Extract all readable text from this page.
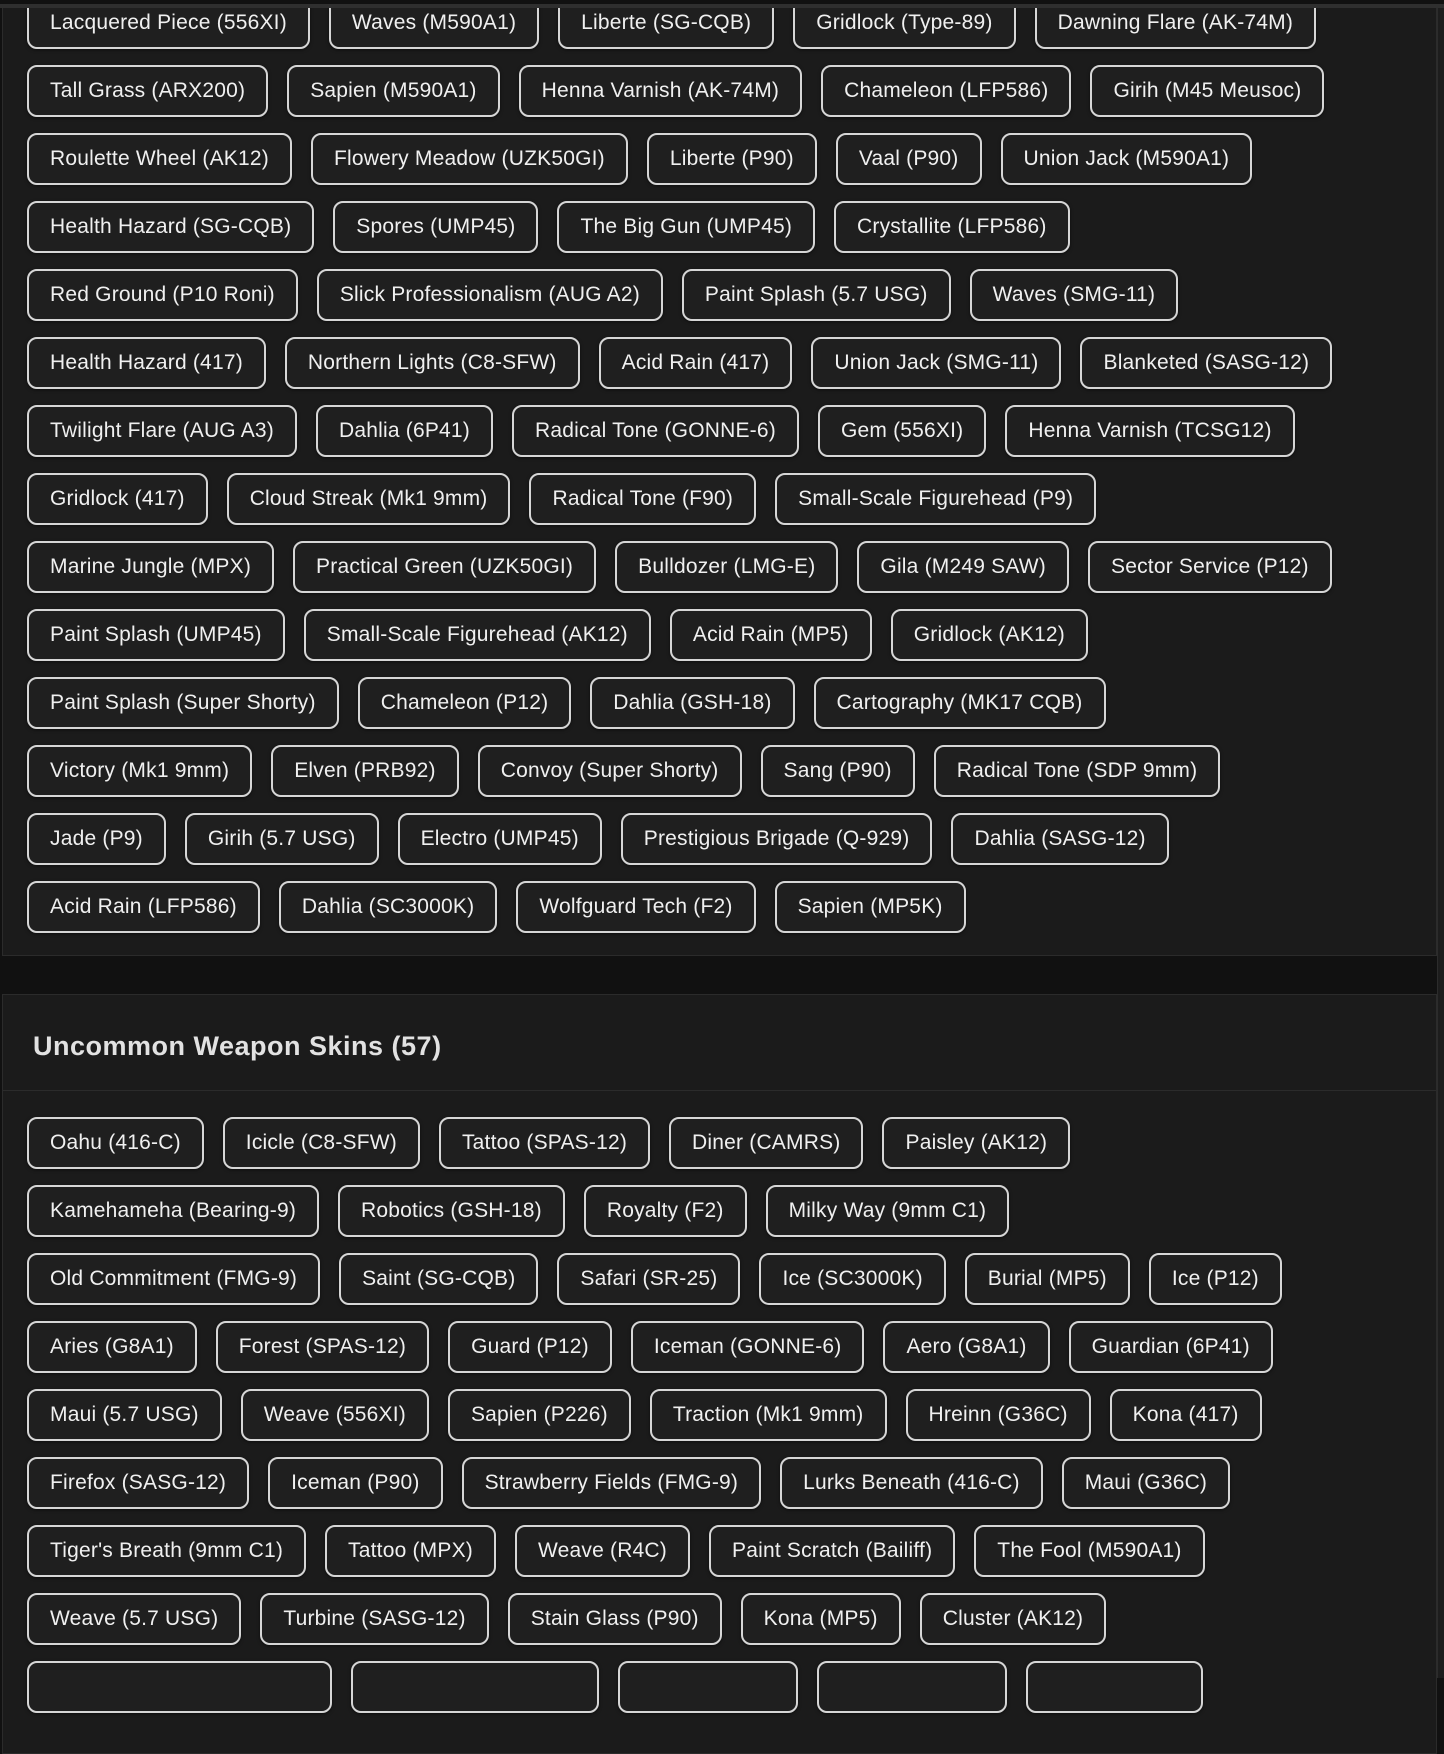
Lacquered Piece (556XI)	Waves (M590A1)	Liberte (SG-CQB)	Gridlock (Type-89)	Dawning Flare (AK-74M)
Tall Grass (ARX200)	Sapien (M590A1)	Henna Varnish (AK-74M)	Chameleon (LFP586)	Girih (M45 Meusoc)
Roulette Wheel (AK12)	Flowery Meadow (UZK50GI)	Liberte (P90)	Vaal (P90)	Union Jack (M590A1)
Health Hazard (SG-CQB)	Spores (UMP45)	The Big Gun (UMP45)	Crystallite (LFP586)
Red Ground (P10 Roni)	Slick Professionalism (AUG A2)	Paint Splash (5.7 USG)	Waves (SMG-11)
Health Hazard (417)	Northern Lights (C8-SFW)	Acid Rain (417)	Union Jack (SMG-11)	Blanketed (SASG-12)
Twilight Flare (AUG A3)	Dahlia (6P41)	Radical Tone (GONNE-6)	Gem (556XI)	Henna Varnish (TCSG12)
Gridlock (417)	Cloud Streak (Mk1 9mm)	Radical Tone (F90)	Small-Scale Figurehead (P9)
Marine Jungle (MPX)	Practical Green (UZK50GI)	Bulldozer (LMG-E)	Gila (M249 SAW)	Sector Service (P12)
Paint Splash (UMP45)	Small-Scale Figurehead (AK12)	Acid Rain (MP5)	Gridlock (AK12)
Paint Splash (Super Shorty)	Chameleon (P12)	Dahlia (GSH-18)	Cartography (MK17 CQB)
Victory (Mk1 9mm)	Elven (PRB92)	Convoy (Super Shorty)	Sang (P90)	Radical Tone (SDP 9mm)
Jade (P9)	Girih (5.7 USG)	Electro (UMP45)	Prestigious Brigade (Q-929)	Dahlia (SASG-12)
Acid Rain (LFP586)	Dahlia (SC3000K)	Wolfguard Tech (F2)	Sapien (MP5K)
Uncommon Weapon Skins (57)
Oahu (416-C)	Icicle (C8-SFW)	Tattoo (SPAS-12)	Diner (CAMRS)	Paisley (AK12)
Kamehameha (Bearing-9)	Robotics (GSH-18)	Royalty (F2)	Milky Way (9mm C1)
Old Commitment (FMG-9)	Saint (SG-CQB)	Safari (SR-25)	Ice (SC3000K)	Burial (MP5)	Ice (P12)
Aries (G8A1)	Forest (SPAS-12)	Guard (P12)	Iceman (GONNE-6)	Aero (G8A1)	Guardian (6P41)
Maui (5.7 USG)	Weave (556XI)	Sapien (P226)	Traction (Mk1 9mm)	Hreinn (G36C)	Kona (417)
Firefox (SASG-12)	Iceman (P90)	Strawberry Fields (FMG-9)	Lurks Beneath (416-C)	Maui (G36C)
Tiger's Breath (9mm C1)	Tattoo (MPX)	Weave (R4C)	Paint Scratch (Bailiff)	The Fool (M590A1)
Weave (5.7 USG)	Turbine (SASG-12)	Stain Glass (P90)	Kona (MP5)	Cluster (AK12)
